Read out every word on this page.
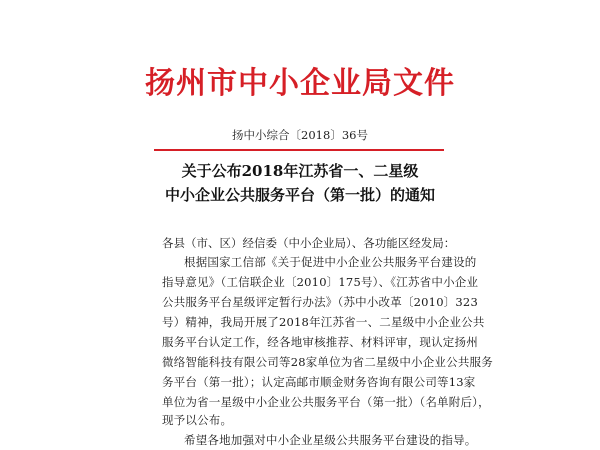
扬州市中小企业局文件
扬中小综合〔2018〕36号
关于公布2018年江苏省一、二星级
中小企业公共服务平台（第一批）的通知
各县（市、区）经信委（中小企业局）、各功能区经发局：
根据国家工信部《关于促进中小企业公共服务平台建设的
指导意见》（工信联企业〔2010〕175号）、《江苏省中小企业
公共服务平台星级评定暂行办法》（苏中小改革〔2010〕323
号）精神，我局开展了2018年江苏省一、二星级中小企业公共
服务平台认定工作，经各地审核推荐、材料评审，现认定扬州
微络智能科技有限公司等28家单位为省二星级中小企业公共服务
务平台（第一批）；认定高邮市顺金财务咨询有限公司等13家
单位为省一星级中小企业公共服务平台（第一批）（名单附后），
现予以公布。
希望各地加强对中小企业星级公共服务平台建设的指导。
